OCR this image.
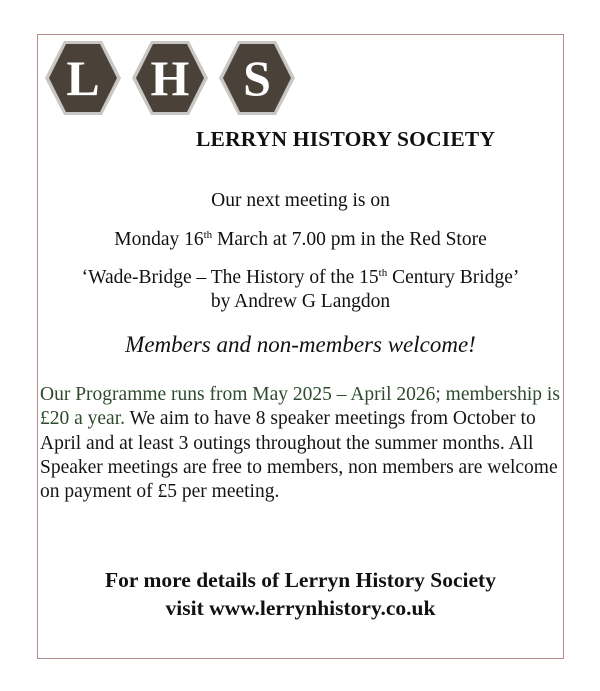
L	H	S
LERRYN HISTORY SOCIETY
Our next meeting is on
Monday 16th March at 7.00 pm in the Red Store
‘Wade-Bridge – The History of the 15th Century Bridge’
by Andrew G Langdon
Members and non-members welcome!
Our Programme runs from May 2025 – April 2026; membership is £20 a year. We aim to have 8 speaker meetings from October to April and at least 3 outings throughout the summer months. All Speaker meetings are free to members, non members are welcome on payment of £5 per meeting.
For more details of Lerryn History Society
visit www.lerrynhistory.co.uk
